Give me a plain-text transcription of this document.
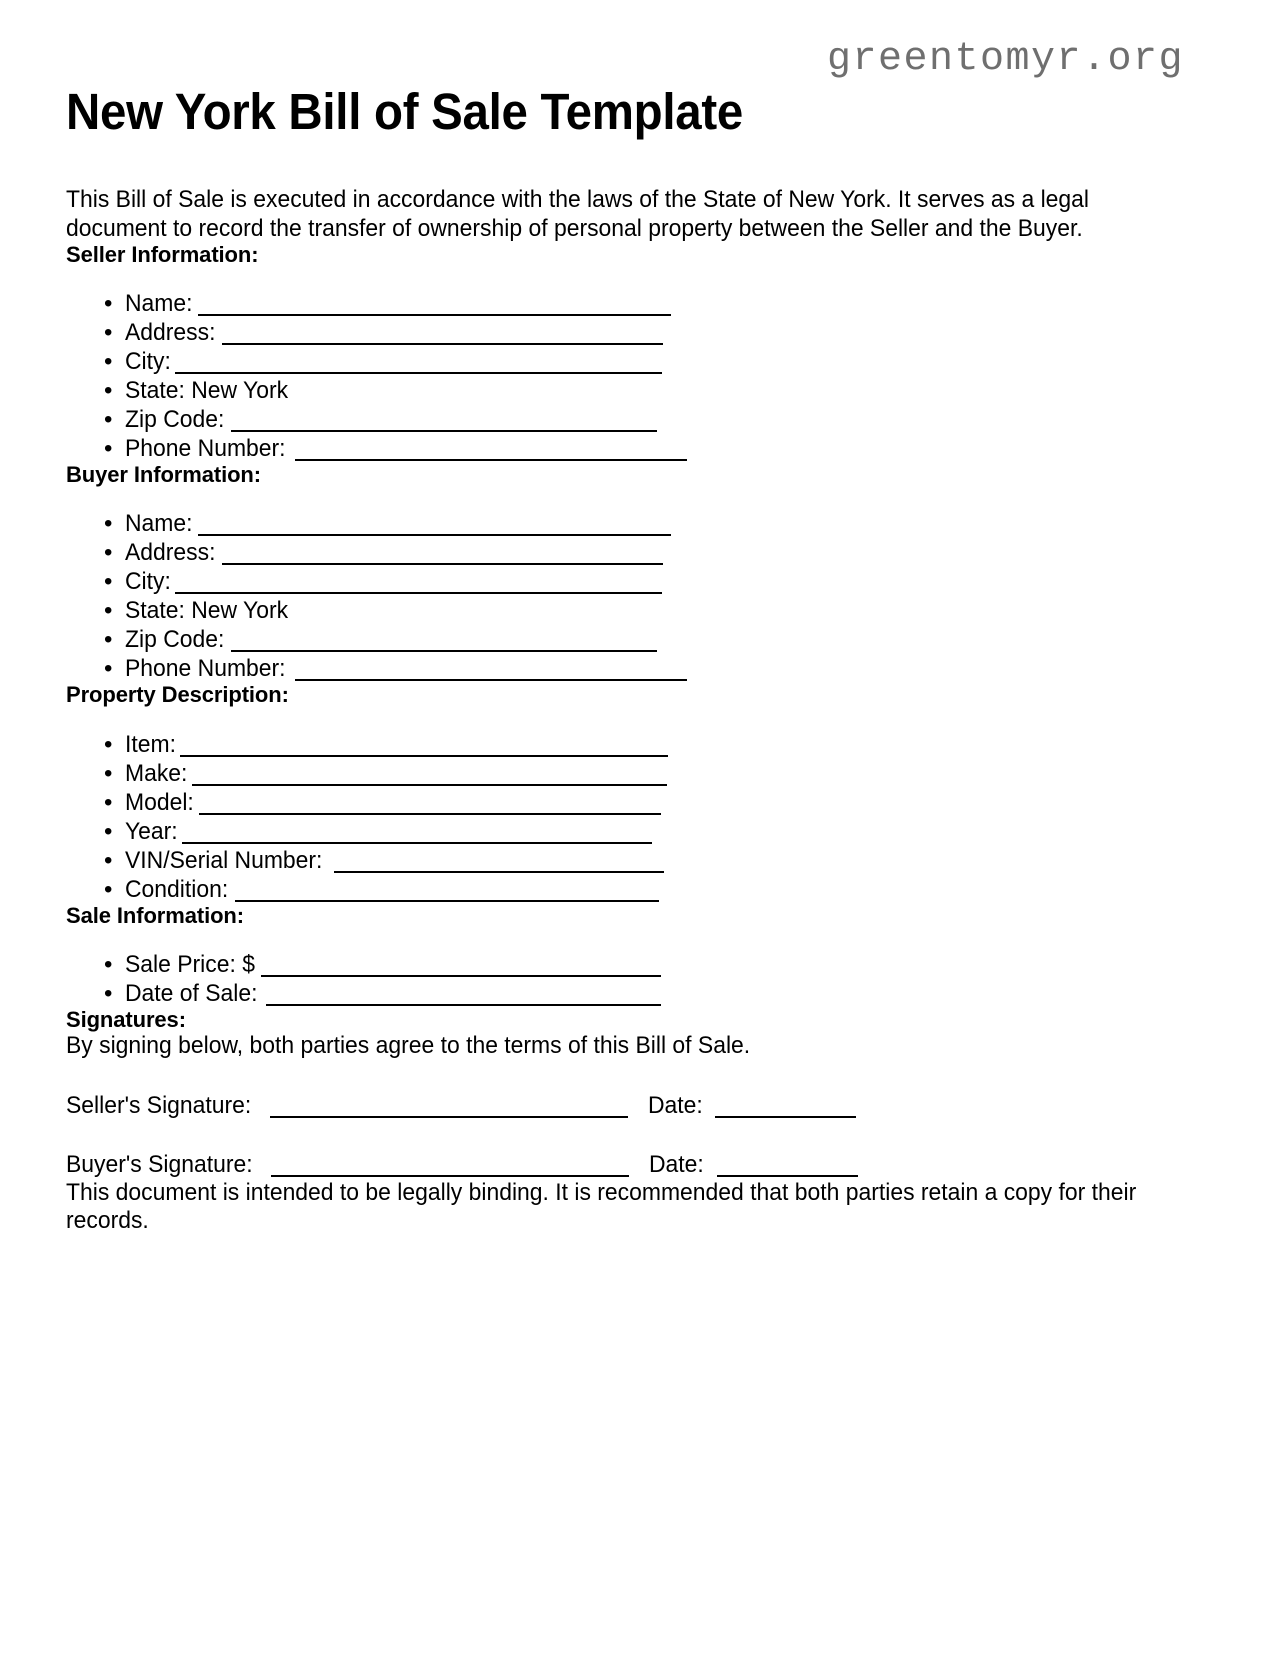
greentomyr.org
New York Bill of Sale Template

This Bill of Sale is executed in accordance with the laws of the State of New York. It serves as a legal document to record the transfer of ownership of personal property between the Seller and the Buyer.

Seller Information:
• Name:
• Address:
• City:
• State: New York
• Zip Code:
• Phone Number:
Buyer Information:
• Name:
• Address:
• City:
• State: New York
• Zip Code:
• Phone Number:
Property Description:
• Item:
• Make:
• Model:
• Year:
• VIN/Serial Number:
• Condition:
Sale Information:
• Sale Price: $
• Date of Sale:
Signatures:

By signing below, both parties agree to the terms of this Bill of Sale.

Seller's Signature:	Date:
Buyer's Signature:	Date:

This document is intended to be legally binding. It is recommended that both parties retain a copy for their records.
